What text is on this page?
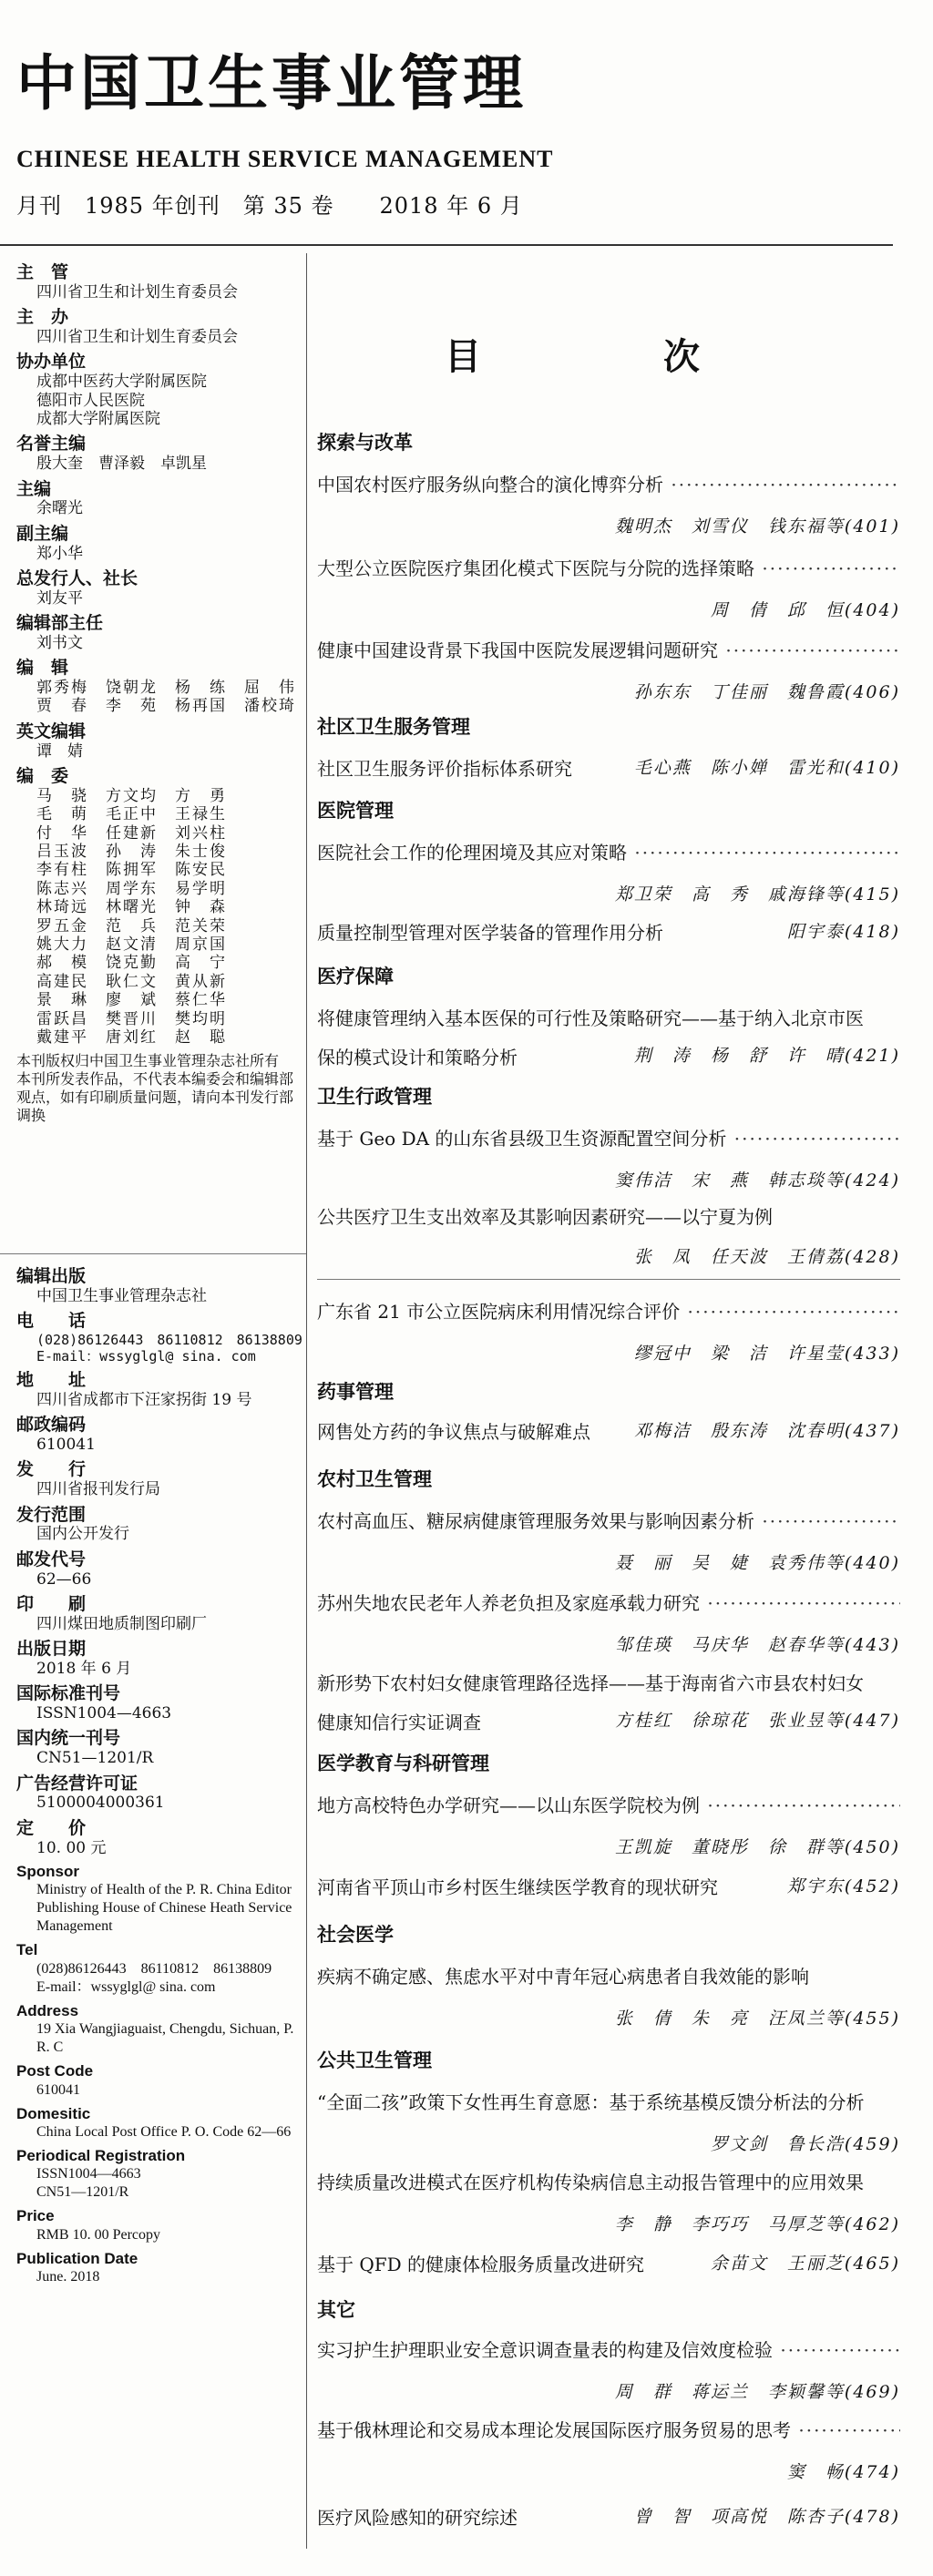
中国卫生事业管理
CHINESE HEALTH SERVICE MANAGEMENT
月刊　1985 年创刊　第 35 卷　　2018 年 6 月
主　管
四川省卫生和计划生育委员会
主　办
四川省卫生和计划生育委员会
协办单位
成都中医药大学附属医院
德阳市人民医院
成都大学附属医院
名誉主编
殷大奎　曹泽毅　卓凯星
主编
余曙光
副主编
郑小华
总发行人、社长
刘友平
编辑部主任
刘书文
编　辑
郭秀梅　饶朝龙　杨　练　屈　伟
贾　春　李　苑　杨再国　潘校琦
英文编辑
谭　婧
编　委
马　骁　方文均　方　勇
毛　萌　毛正中　王禄生
付　华　任建新　刘兴柱
吕玉波　孙　涛　朱士俊
李有柱　陈拥军　陈安民
陈志兴　周学东　易学明
林琦远　林曙光　钟　森
罗五金　范　兵　范关荣
姚大力　赵文清　周京国
郝　模　饶克勤　高　宁
高建民　耿仁文　黄从新
景　琳　廖　斌　蔡仁华
雷跃昌　樊晋川　樊均明
戴建平　唐刘红　赵　聪
本刊版权归中国卫生事业管理杂志社所有　本刊所发表作品，不代表本编委会和编辑部观点，如有印刷质量问题，请向本刊发行部调换
编辑出版
中国卫生事业管理杂志社
电　　话
(028)86126443　86110812　86138809
E-mail：wssyglgl@ sina. com
地　　址
四川省成都市下汪家拐街 19 号
邮政编码
610041
发　　行
四川省报刊发行局
发行范围
国内公开发行
邮发代号
62—66
印　　刷
四川煤田地质制图印刷厂
出版日期
2018 年 6 月
国际标准刊号
ISSN1004—4663
国内统一刊号
CN51—1201/R
广告经营许可证
5100004000361
定　　价
10. 00 元
Sponsor
Ministry of Health of the P. R. China Editor Publishing House of Chinese Heath Service Management
Tel
(028)86126443　86110812　86138809
E-mail：wssyglgl@ sina. com
Address
19 Xia Wangjiaguaist, Chengdu, Sichuan, P. R. C
Post Code
610041
Domesitic
China Local Post Office P. O. Code 62—66
Periodical Registration
ISSN1004—4663
CN51—1201/R
Price
RMB 10. 00 Percopy
Publication Date
June. 2018
目　次
探索与改革
中国农村医疗服务纵向整合的演化博弈分析 ·····
魏明杰　刘雪仪　钱东福等(401)
大型公立医院医疗集团化模式下医院与分院的选择策略 ·····
周　倩　邱　恒(404)
健康中国建设背景下我国中医院发展逻辑问题研究 ·····
孙东东　丁佳丽　魏鲁霞(406)
社区卫生服务管理
社区卫生服务评价指标体系研究	毛心燕　陈小婵　雷光和(410)
医院管理
医院社会工作的伦理困境及其应对策略 ·····
郑卫荣　高　秀　戚海锋等(415)
质量控制型管理对医学装备的管理作用分析	阳宇泰(418)
医疗保障
将健康管理纳入基本医保的可行性及策略研究——基于纳入北京市医
保的模式设计和策略分析	荆　涛　杨　舒　许　晴(421)
卫生行政管理
基于 Geo DA 的山东省县级卫生资源配置空间分析 ·····
窦伟洁　宋　燕　韩志琰等(424)
公共医疗卫生支出效率及其影响因素研究——以宁夏为例
张　凤　任天波　王倩荔(428)
广东省 21 市公立医院病床利用情况综合评价 ·····
缪冠中　梁　洁　许星莹(433)
药事管理
网售处方药的争议焦点与破解难点	邓梅洁　殷东涛　沈春明(437)
农村卫生管理
农村高血压、糖尿病健康管理服务效果与影响因素分析 ·····
聂　丽　吴　婕　袁秀伟等(440)
苏州失地农民老年人养老负担及家庭承载力研究 ·····
邹佳瑛　马庆华　赵春华等(443)
新形势下农村妇女健康管理路径选择——基于海南省六市县农村妇女
健康知信行实证调查	方桂红　徐琼花　张业昱等(447)
医学教育与科研管理
地方高校特色办学研究——以山东医学院校为例 ·····
王凯旋　董晓彤　徐　群等(450)
河南省平顶山市乡村医生继续医学教育的现状研究	郑宇东(452)
社会医学
疾病不确定感、焦虑水平对中青年冠心病患者自我效能的影响
张　倩　朱　亮　汪凤兰等(455)
公共卫生管理
“全面二孩”政策下女性再生育意愿：基于系统基模反馈分析法的分析
罗文剑　鲁长浩(459)
持续质量改进模式在医疗机构传染病信息主动报告管理中的应用效果
李　静　李巧巧　马厚芝等(462)
基于 QFD 的健康体检服务质量改进研究	余苗文　王丽芝(465)
其它
实习护生护理职业安全意识调查量表的构建及信效度检验 ·····
周　群　蒋运兰　李颖馨等(469)
基于俄林理论和交易成本理论发展国际医疗服务贸易的思考 ·····
窦　畅(474)
医疗风险感知的研究综述	曾　智　项高悦　陈杏子(478)
